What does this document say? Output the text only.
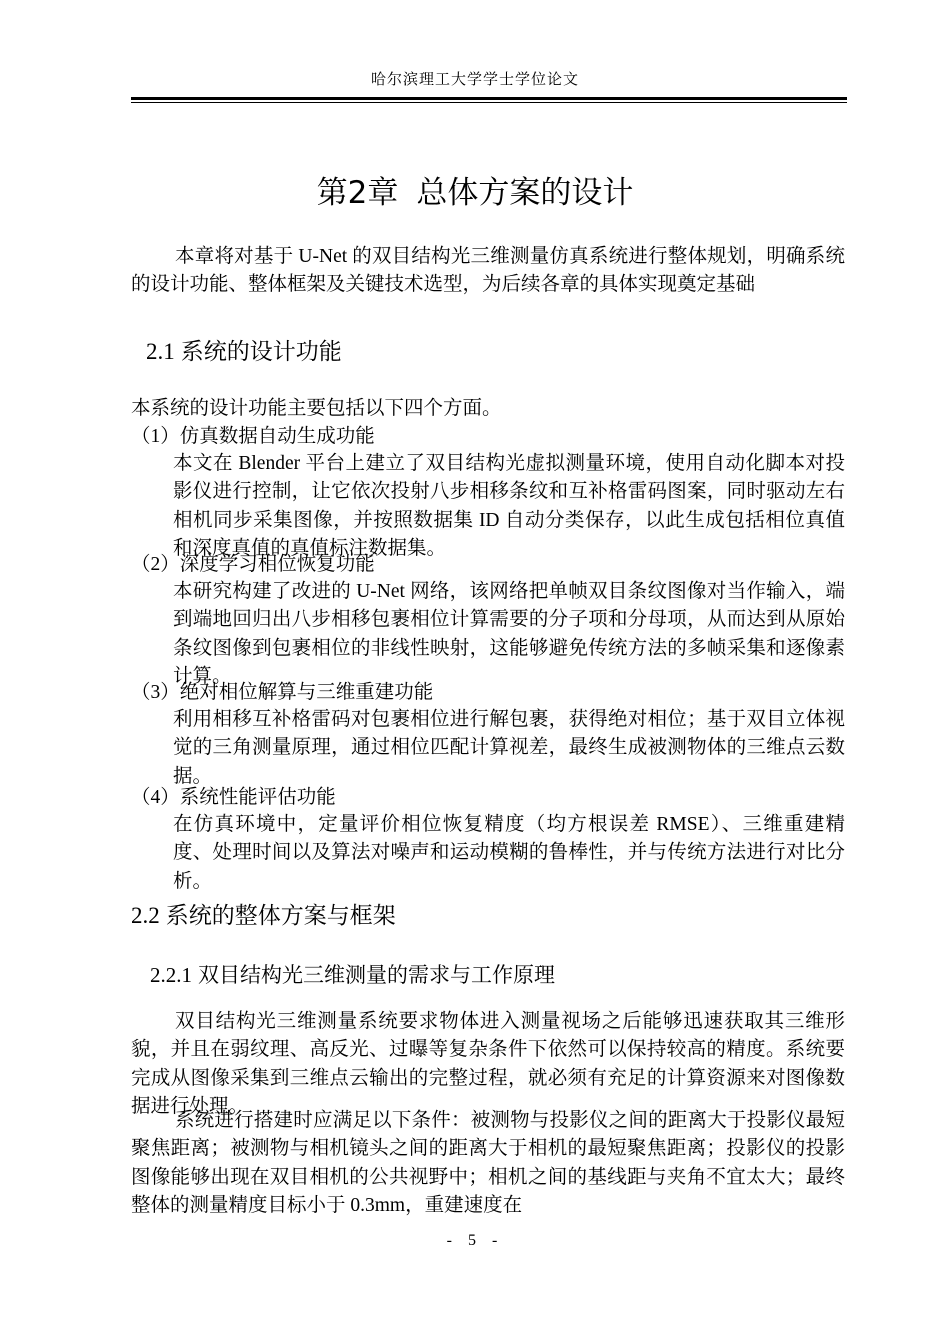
哈尔滨理工大学学士学位论文
第2章 总体方案的设计

本章将对基于 U-Net 的双目结构光三维测量仿真系统进行整体规划，明确系统的设计功能、整体框架及关键技术选型，为后续各章的具体实现奠定基础

2.1 系统的设计功能

本系统的设计功能主要包括以下四个方面。

（1）仿真数据自动生成功能

本文在 Blender 平台上建立了双目结构光虚拟测量环境，使用自动化脚本对投影仪进行控制，让它依次投射八步相移条纹和互补格雷码图案，同时驱动左右相机同步采集图像，并按照数据集 ID 自动分类保存，以此生成包括相位真值和深度真值的真值标注数据集。

（2）深度学习相位恢复功能

本研究构建了改进的 U-Net 网络，该网络把单帧双目条纹图像对当作输入，端到端地回归出八步相移包裹相位计算需要的分子项和分母项，从而达到从原始条纹图像到包裹相位的非线性映射，这能够避免传统方法的多帧采集和逐像素计算。

（3）绝对相位解算与三维重建功能

利用相移互补格雷码对包裹相位进行解包裹，获得绝对相位；基于双目立体视觉的三角测量原理，通过相位匹配计算视差，最终生成被测物体的三维点云数据。

（4）系统性能评估功能

在仿真环境中，定量评价相位恢复精度（均方根误差 RMSE）、三维重建精度、处理时间以及算法对噪声和运动模糊的鲁棒性，并与传统方法进行对比分析。

2.2 系统的整体方案与框架
2.2.1 双目结构光三维测量的需求与工作原理

双目结构光三维测量系统要求物体进入测量视场之后能够迅速获取其三维形貌，并且在弱纹理、高反光、过曝等复杂条件下依然可以保持较高的精度。系统要完成从图像采集到三维点云输出的完整过程，就必须有充足的计算资源来对图像数据进行处理。

系统进行搭建时应满足以下条件：被测物与投影仪之间的距离大于投影仪最短聚焦距离；被测物与相机镜头之间的距离大于相机的最短聚焦距离；投影仪的投影图像能够出现在双目相机的公共视野中；相机之间的基线距与夹角不宜太大；最终整体的测量精度目标小于 0.3mm，重建速度在

- 5 -
